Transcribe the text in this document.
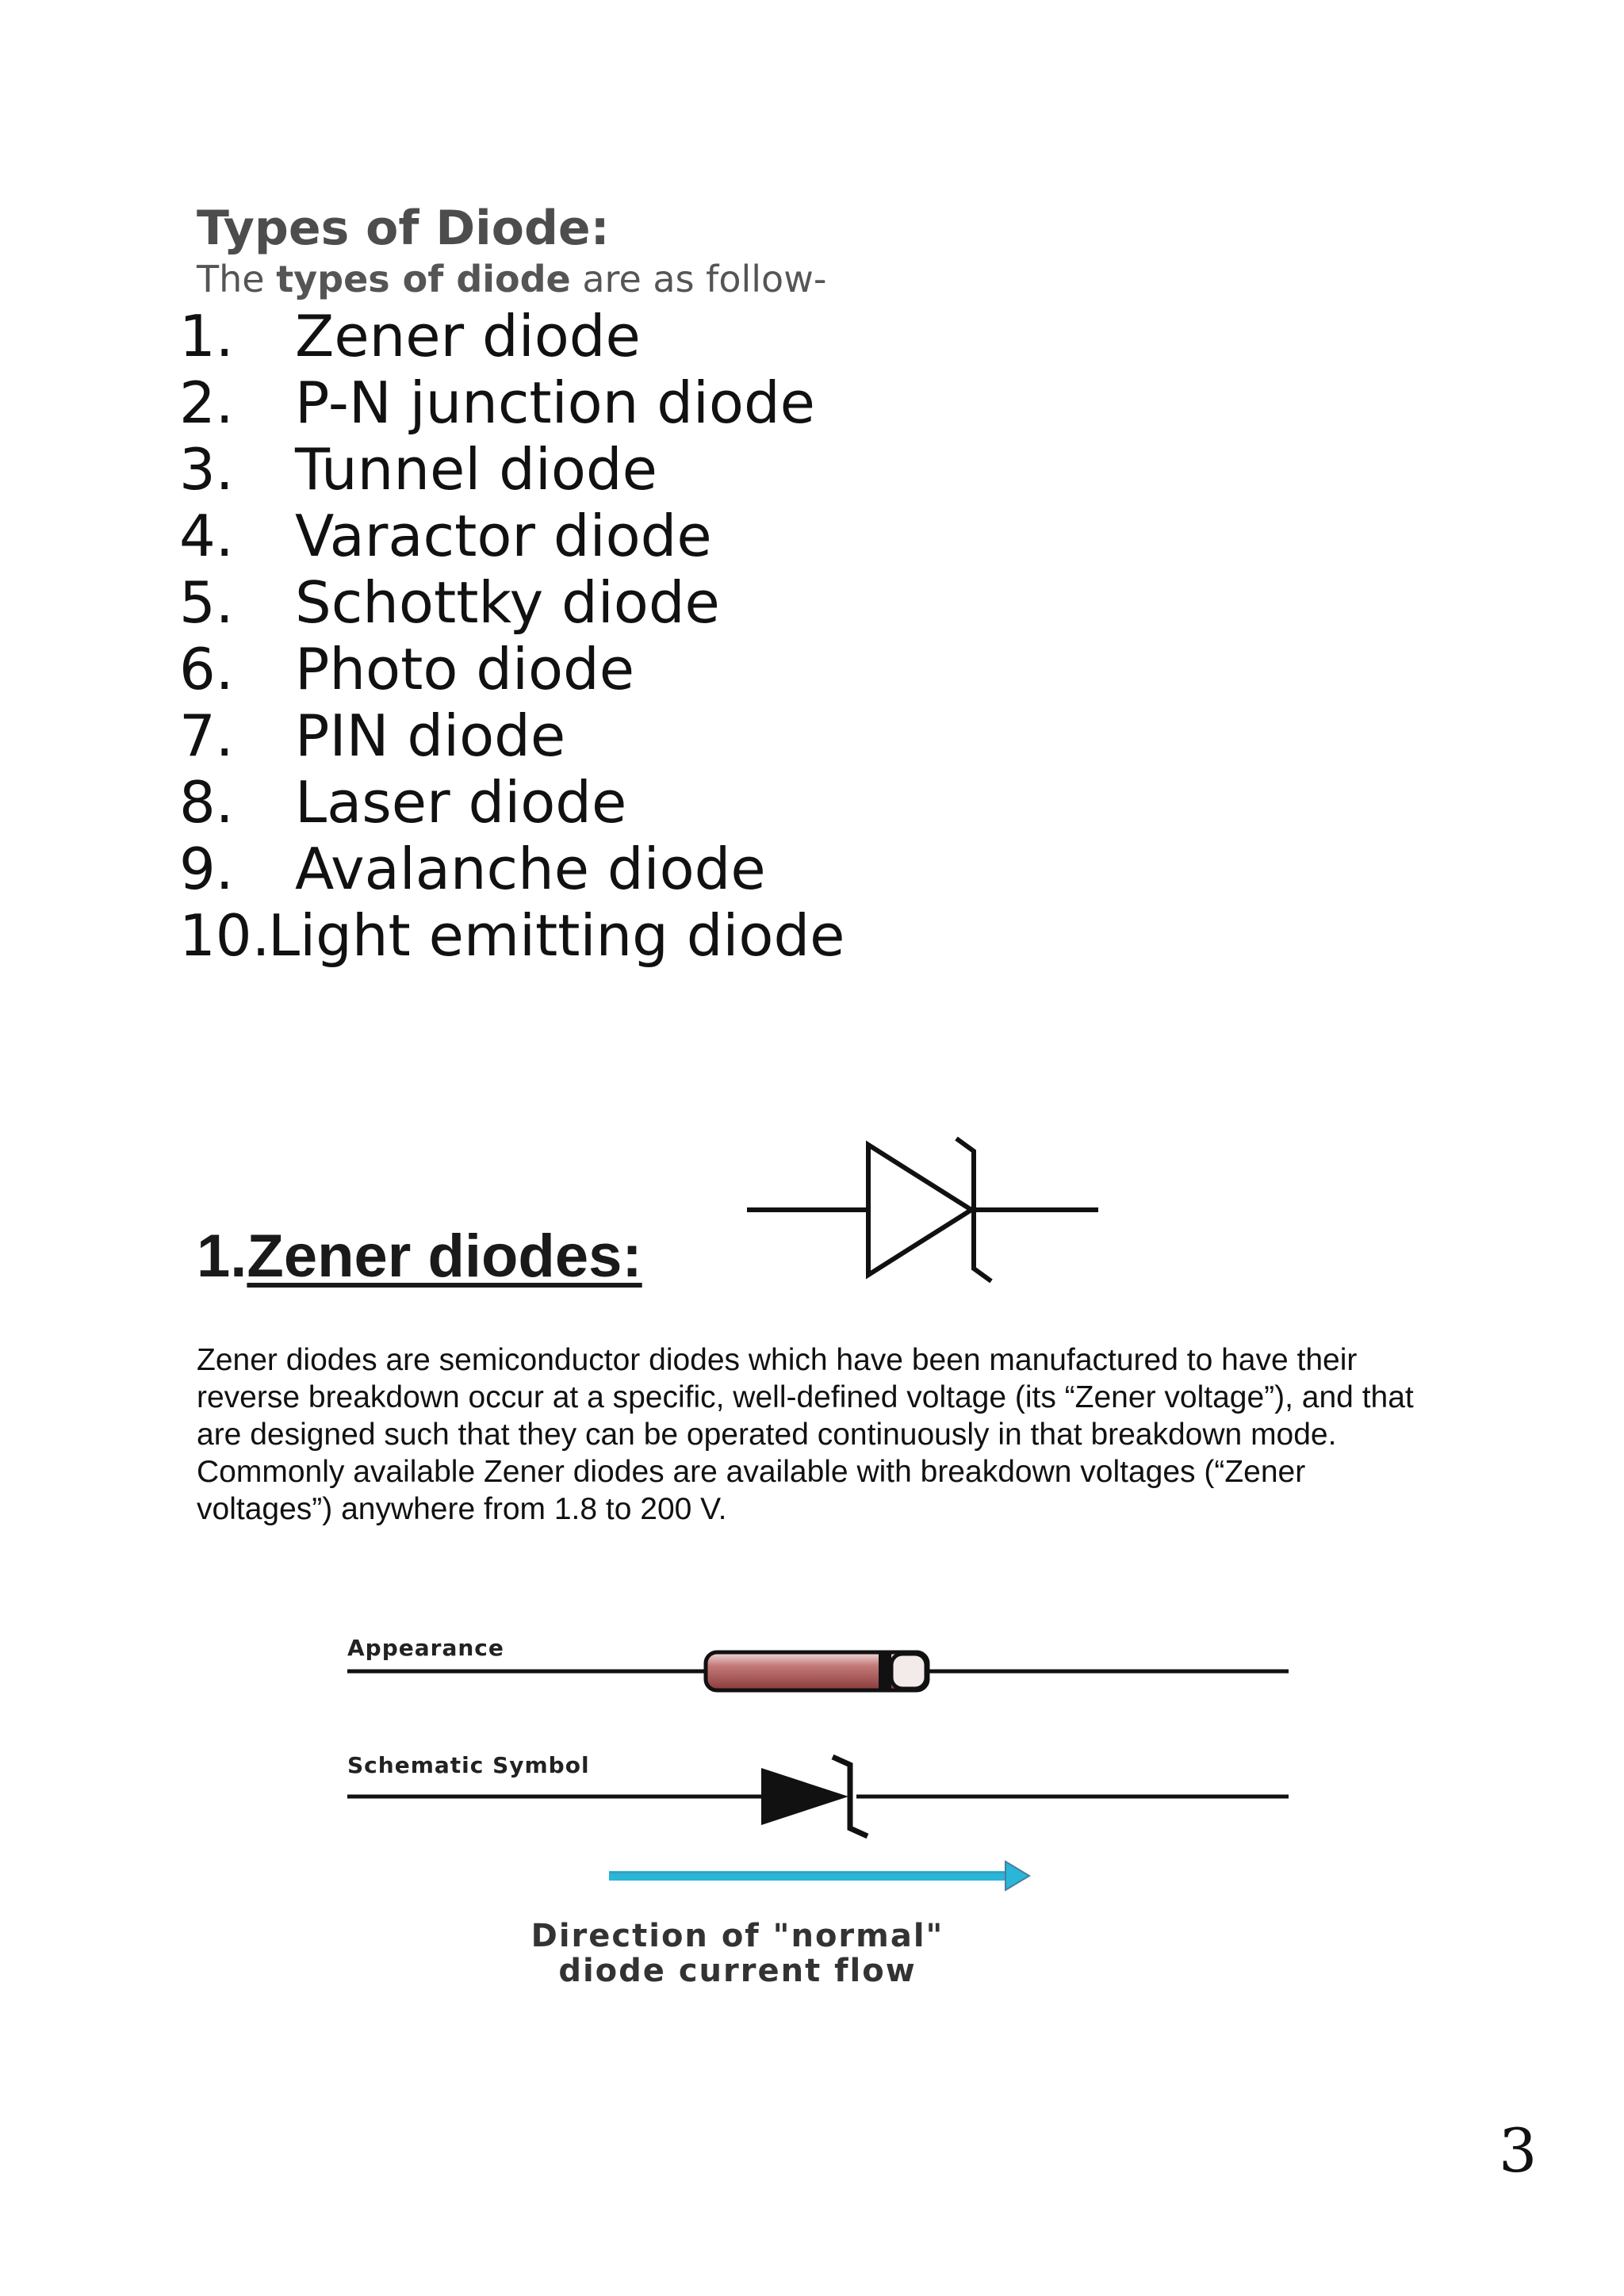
Types of Diode:

The types of diode are as follow-

1. Zener diode
2. P-N junction diode
3. Tunnel diode
4. Varactor diode
5. Schottky diode
6. Photo diode
7. PIN diode
8. Laser diode
9. Avalanche diode
10.
Light emitting diode
1.Zener diodes:

Zener diodes are semiconductor diodes which have been manufactured to have their reverse breakdown occur at a specific, well-defined voltage (its “Zener voltage”), and that are designed such that they can be operated continuously in that breakdown mode. Commonly available Zener diodes are available with breakdown voltages (“Zener voltages”) anywhere from 1.8 to 200 V.

Appearance
Schematic Symbol
Direction of "normal"
diode current flow

3
